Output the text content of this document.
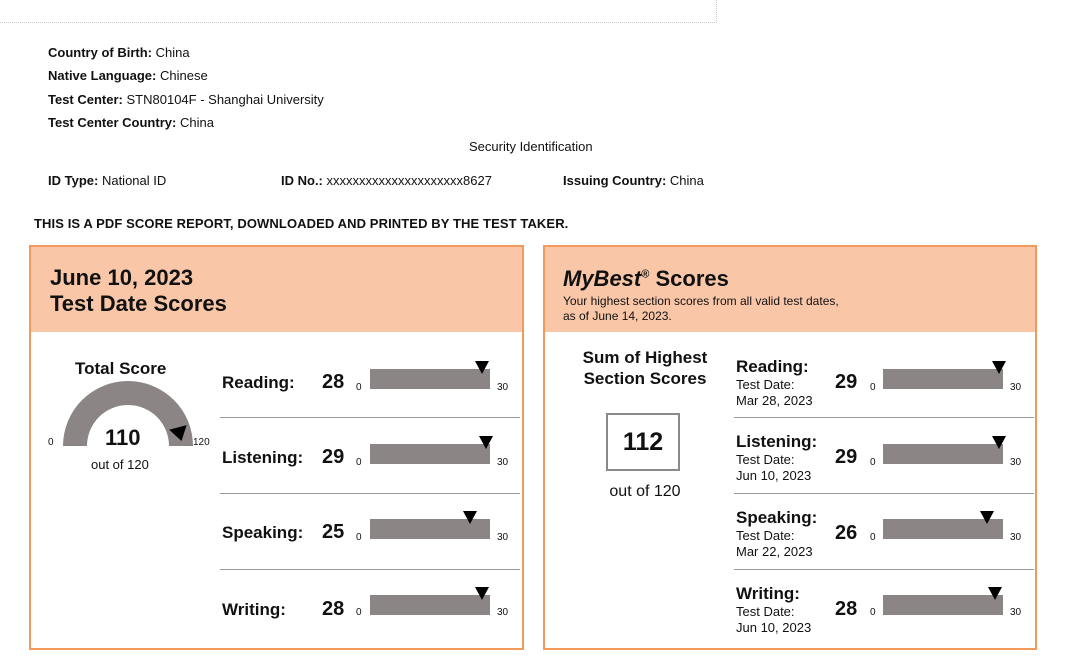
Country of Birth: China
Native Language: Chinese
Test Center: STN80104F - Shanghai University
Test Center Country: China
Security Identification
ID Type: National ID	ID No.: xxxxxxxxxxxxxxxxxxxxx8627	Issuing Country: China
THIS IS A PDF SCORE REPORT, DOWNLOADED AND PRINTED BY THE TEST TAKER.
June 10, 2023
Test Date Scores
Total Score
0	120
110
out of 120
Reading: 28 0	30
Listening: 29 0	30
Speaking: 25 0	30
Writing: 28 0	30
MyBest® Scores
Your highest section scores from all valid test dates,
as of June 14, 2023.
Sum of Highest Section Scores
112
out of 120
Reading:
Test Date:
Mar 28, 2023
29 0	30
Listening:
Test Date:
Jun 10, 2023
29 0	30
Speaking:
Test Date:
Mar 22, 2023
26 0	30
Writing:
Test Date:
Jun 10, 2023
28 0	30
